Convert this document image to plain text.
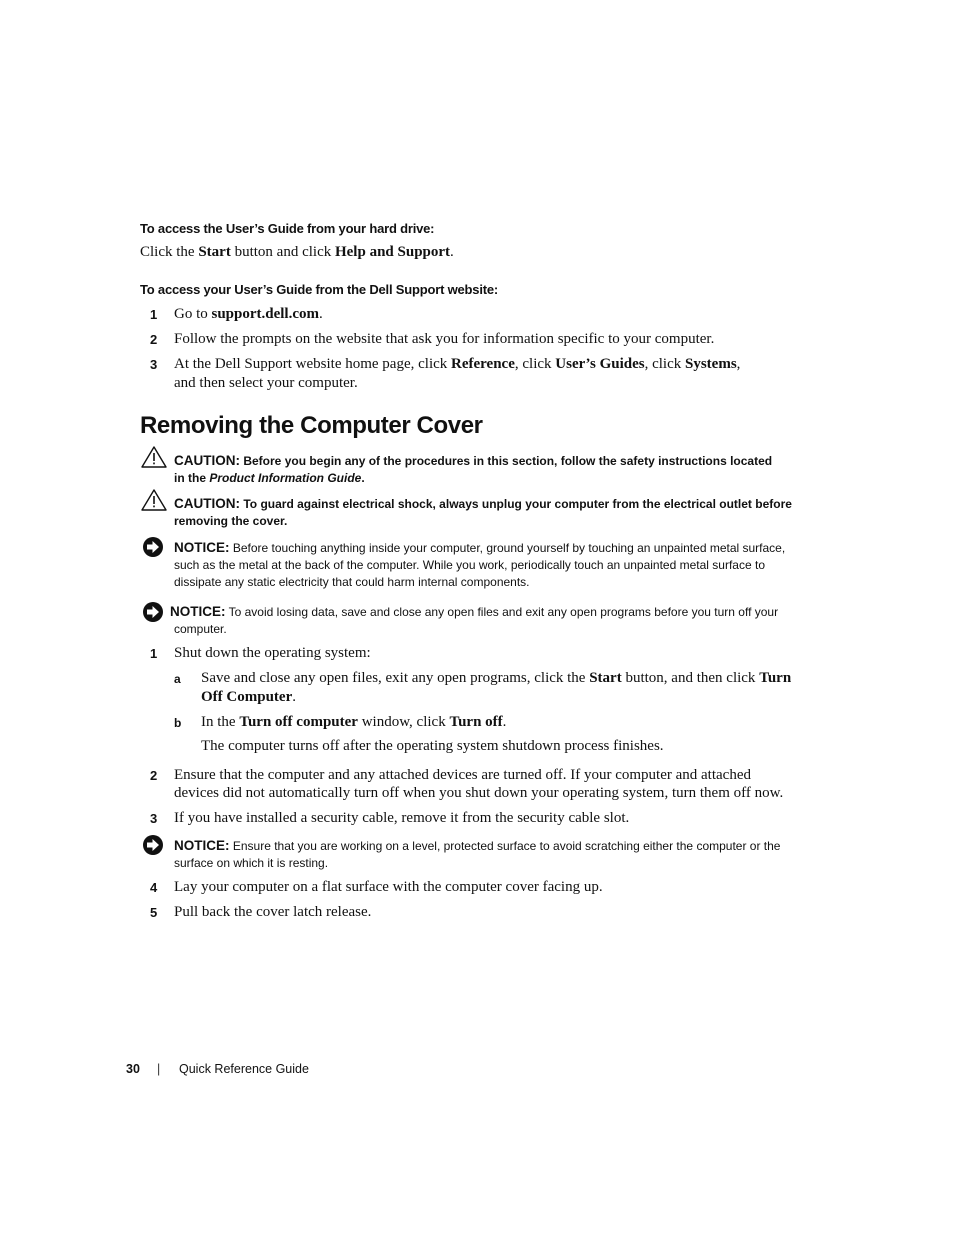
To access the User’s Guide from your hard drive:
Click the Start button and click Help and Support.
To access your User’s Guide from the Dell Support website:
1 Go to support.dell.com.
2 Follow the prompts on the website that ask you for information specific to your computer.
3 At the Dell Support website home page, click Reference, click User’s Guides, click Systems,
and then select your computer.
Removing the Computer Cover
CAUTION: Before you begin any of the procedures in this section, follow the safety instructions located
in the Product Information Guide.
CAUTION: To guard against electrical shock, always unplug your computer from the electrical outlet before
removing the cover.
NOTICE: Before touching anything inside your computer, ground yourself by touching an unpainted metal surface,
such as the metal at the back of the computer. While you work, periodically touch an unpainted metal surface to
dissipate any static electricity that could harm internal components.
NOTICE: To avoid losing data, save and close any open files and exit any open programs before you turn off your
computer.
1 Shut down the operating system:
a Save and close any open files, exit any open programs, click the Start button, and then click Turn
Off Computer.
b In the Turn off computer window, click Turn off.
The computer turns off after the operating system shutdown process finishes.
2 Ensure that the computer and any attached devices are turned off. If your computer and attached
devices did not automatically turn off when you shut down your operating system, turn them off now.
3 If you have installed a security cable, remove it from the security cable slot.
NOTICE: Ensure that you are working on a level, protected surface to avoid scratching either the computer or the
surface on which it is resting.
4 Lay your computer on a flat surface with the computer cover facing up.
5 Pull back the cover latch release.
30 | Quick Reference Guide
